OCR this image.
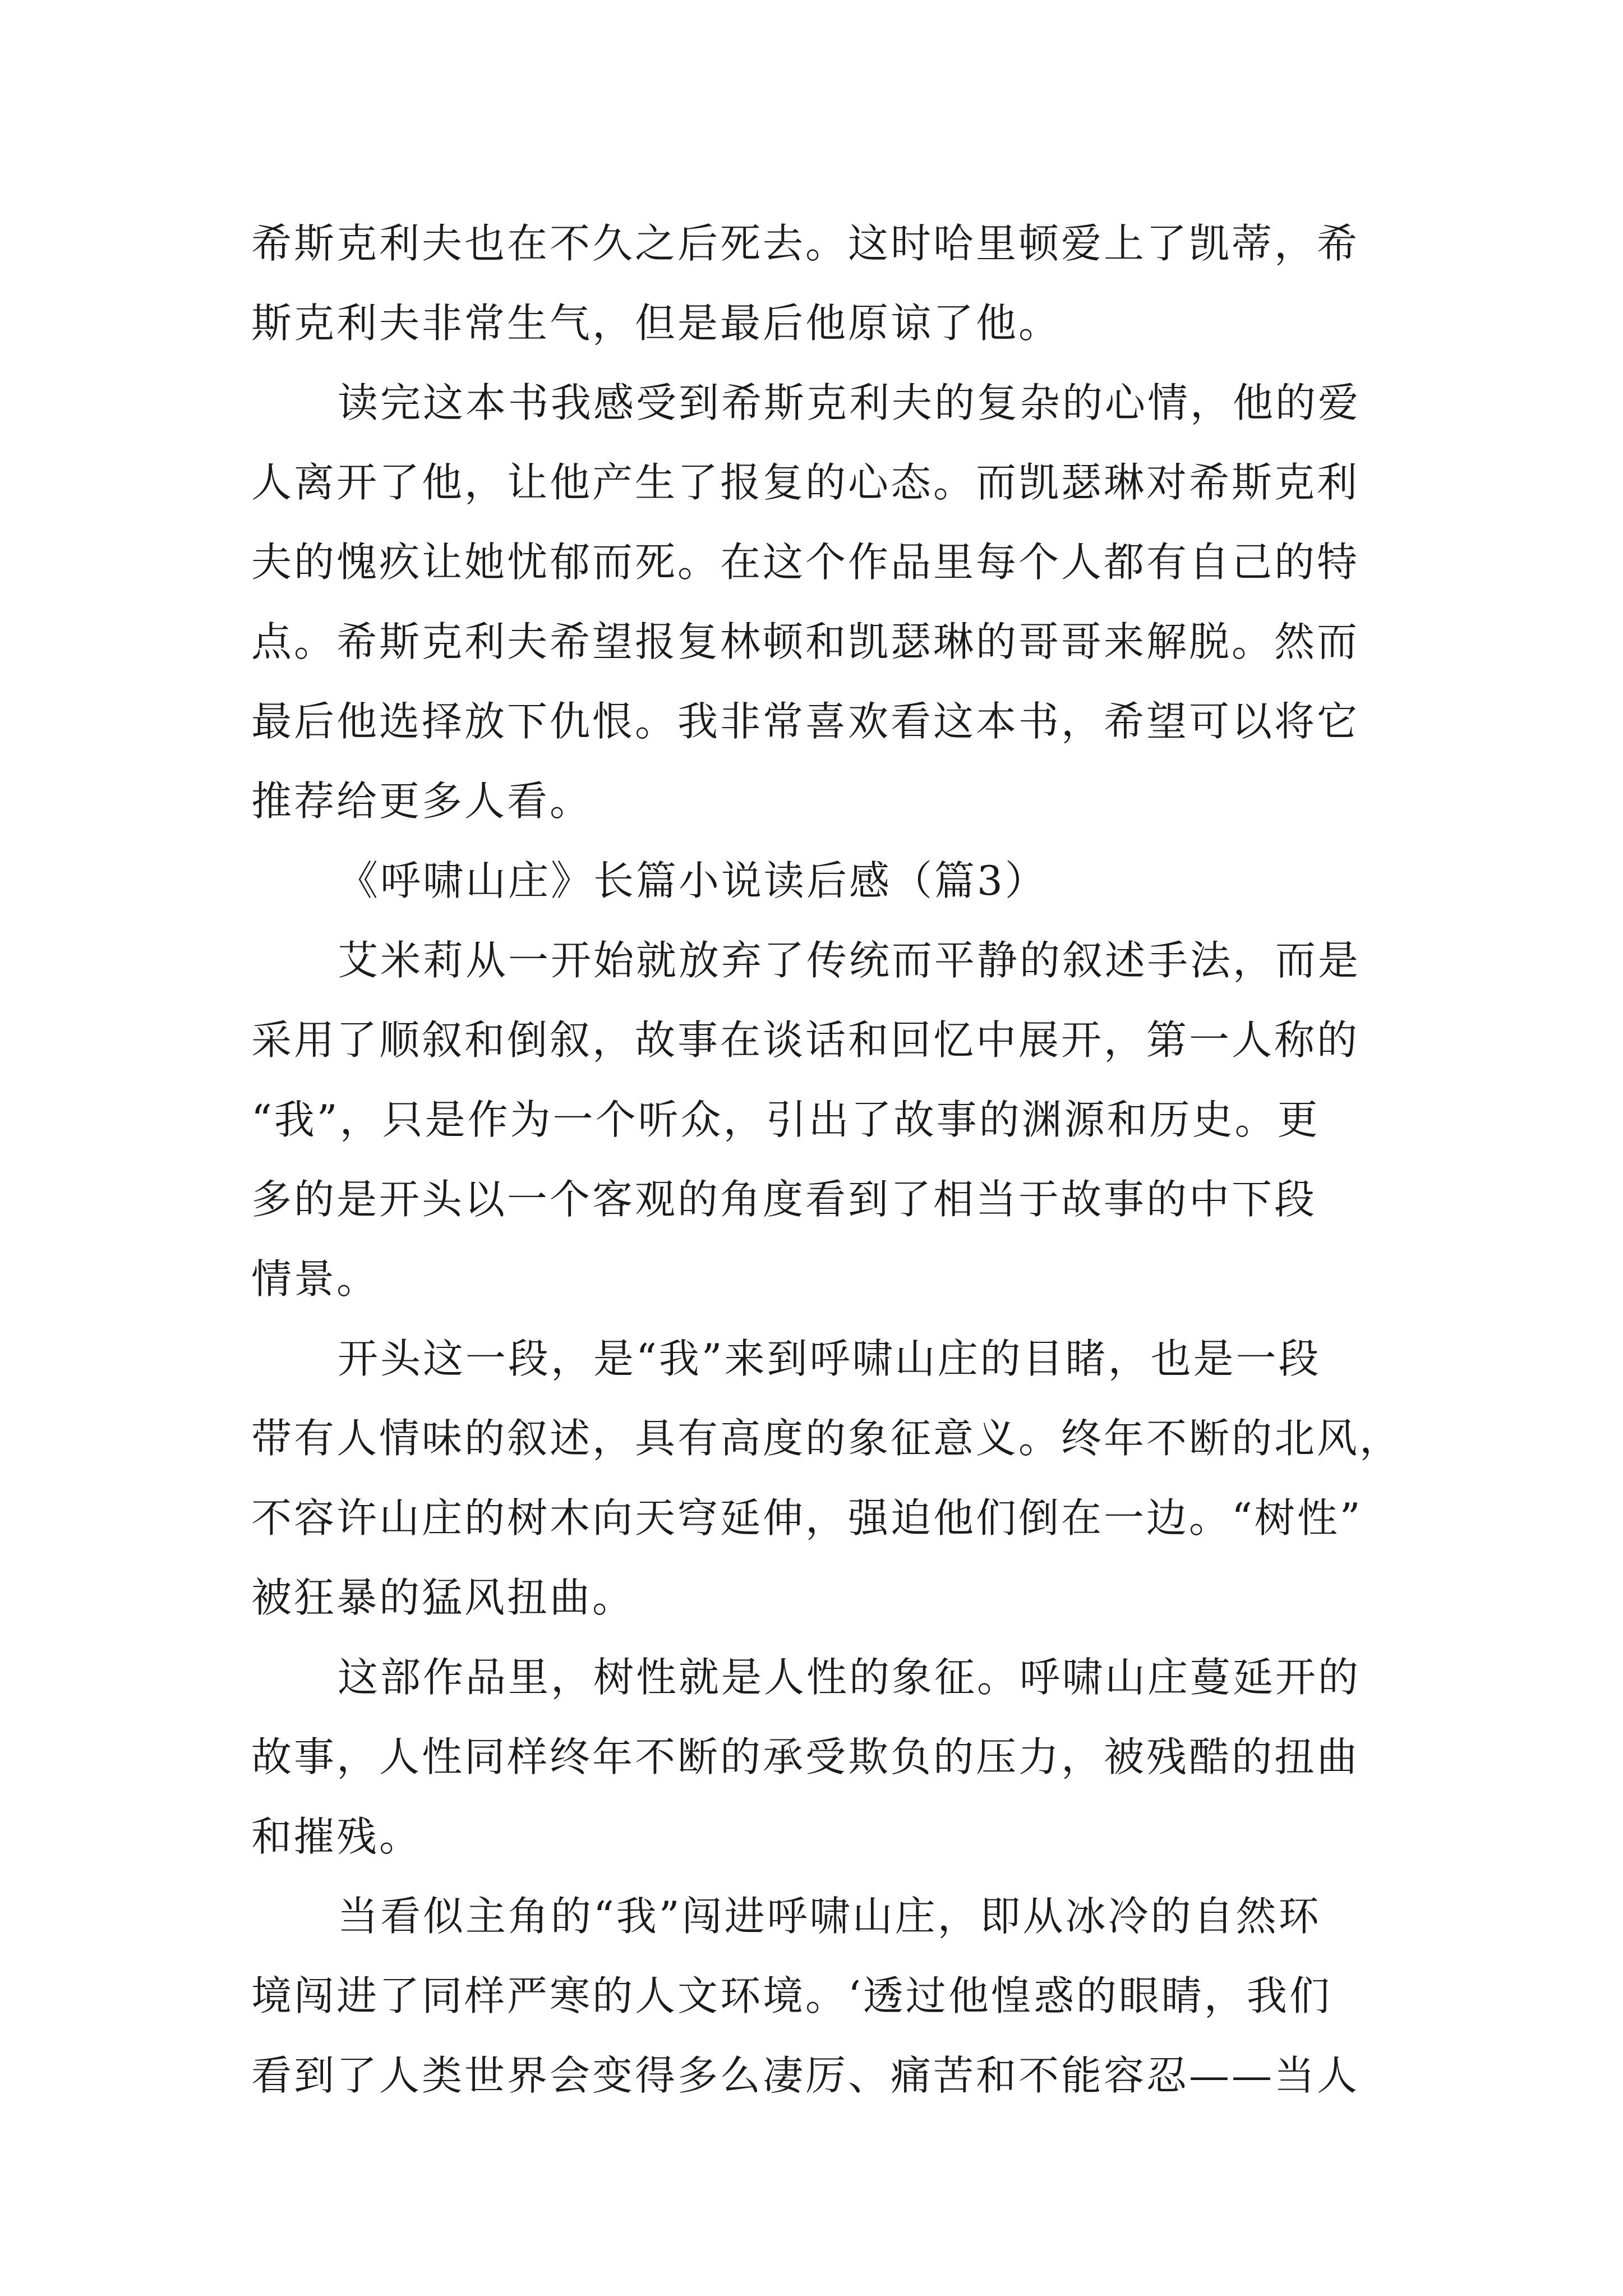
希斯克利夫也在不久之后死去。这时哈里顿爱上了凯蒂，希
斯克利夫非常生气，但是最后他原谅了他。
读完这本书我感受到希斯克利夫的复杂的心情，他的爱
人离开了他，让他产生了报复的心态。而凯瑟琳对希斯克利
夫的愧疚让她忧郁而死。在这个作品里每个人都有自己的特
点。希斯克利夫希望报复林顿和凯瑟琳的哥哥来解脱。然而
最后他选择放下仇恨。我非常喜欢看这本书，希望可以将它
推荐给更多人看。
《呼啸山庄》长篇小说读后感（篇3）
艾米莉从一开始就放弃了传统而平静的叙述手法，而是
采用了顺叙和倒叙，故事在谈话和回忆中展开，第一人称的
“我”，只是作为一个听众，引出了故事的渊源和历史。更
多的是开头以一个客观的角度看到了相当于故事的中下段
情景。
开头这一段，是“我”来到呼啸山庄的目睹，也是一段
带有人情味的叙述，具有高度的象征意义。终年不断的北风，
不容许山庄的树木向天穹延伸，强迫他们倒在一边。“树性”
被狂暴的猛风扭曲。
这部作品里，树性就是人性的象征。呼啸山庄蔓延开的
故事，人性同样终年不断的承受欺负的压力，被残酷的扭曲
和摧残。
当看似主角的“我”闯进呼啸山庄，即从冰冷的自然环
境闯进了同样严寒的人文环境。‘透过他惶惑的眼睛，我们
看到了人类世界会变得多么凄厉、痛苦和不能容忍——当人
